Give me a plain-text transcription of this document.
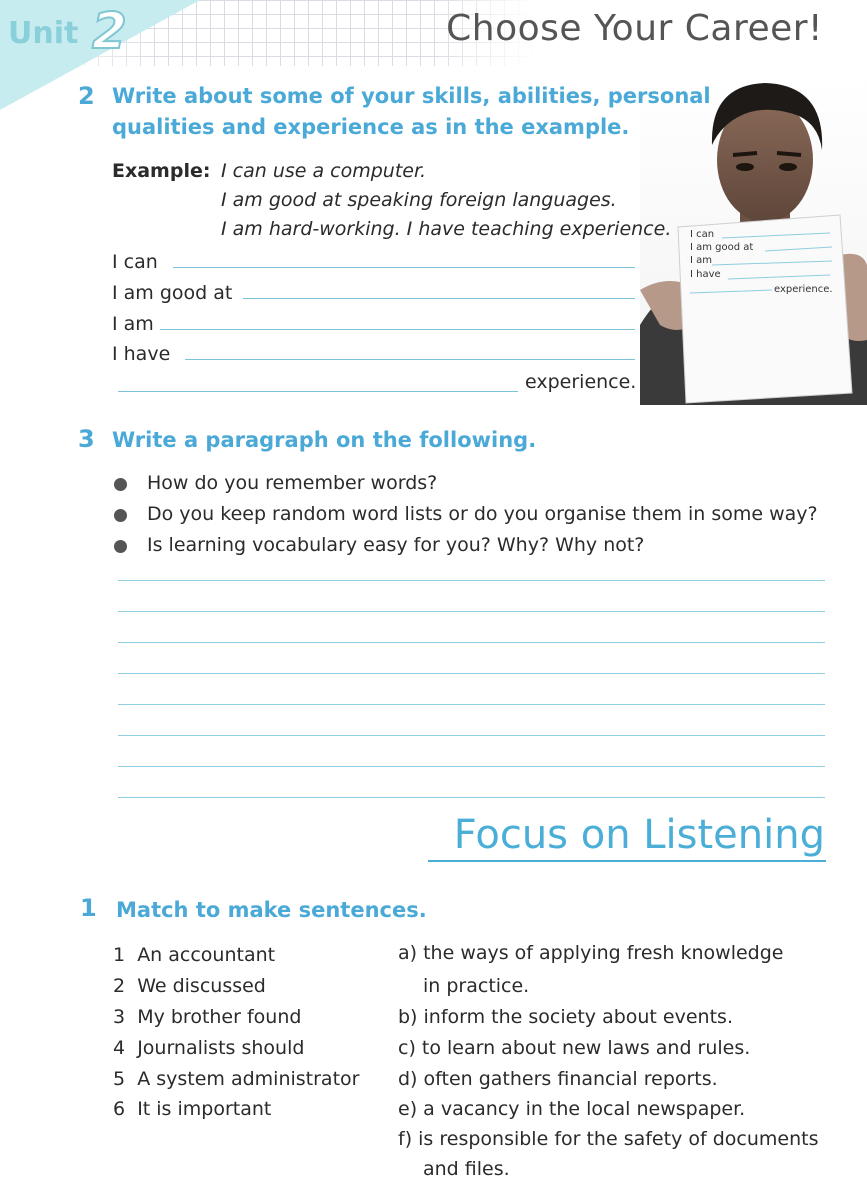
Unit 2	Choose Your Career!
I can
I am good at
I am
I have
experience.
2 Write about some of your skills, abilities, personal
qualities and experience as in the example.
Example: I can use a computer.
I am good at speaking foreign languages.
I am hard-working. I have teaching experience.
I can
I am good at
I am
I have
experience.
3 Write a paragraph on the following.
How do you remember words?
Do you keep random word lists or do you organise them in some way?
Is learning vocabulary easy for you? Why? Why not?
Focus on Listening
1 Match to make sentences.
1 An accountant
2 We discussed
3 My brother found
4 Journalists should
5 A system administrator
6 It is important
a) the ways of applying fresh knowledge
in practice.
b) inform the society about events.
c) to learn about new laws and rules.
d) often gathers financial reports.
e) a vacancy in the local newspaper.
f) is responsible for the safety of documents
and files.
